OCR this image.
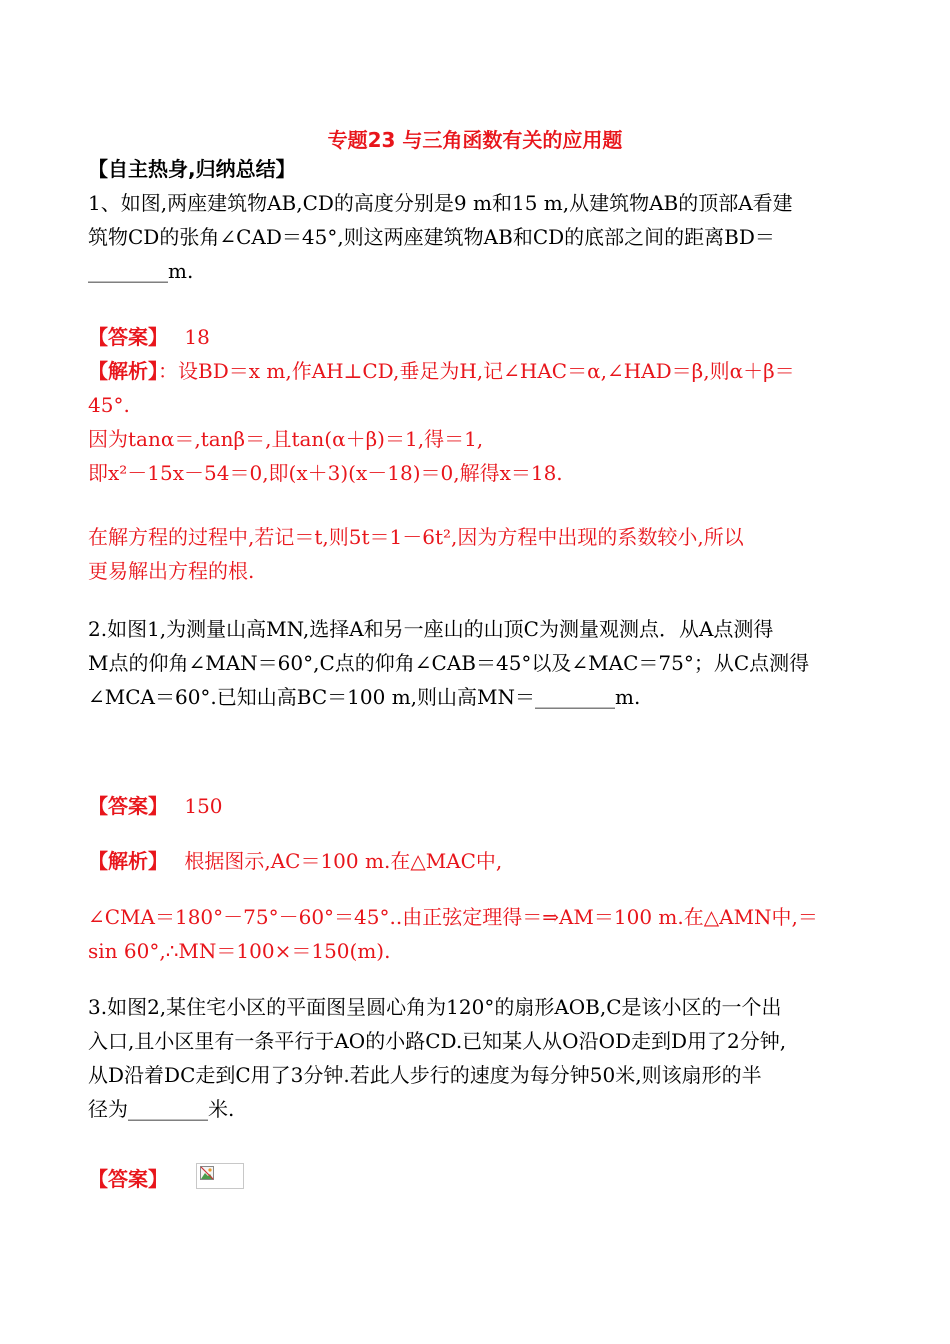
专题23 与三角函数有关的应用题
【自主热身,归纳总结】
1、如图,两座建筑物AB,CD的高度分别是9 m和15 m,从建筑物AB的顶部A看建
筑物CD的张角∠CAD＝45°,则这两座建筑物AB和CD的底部之间的距离BD＝
________m.
【答案】 18
【解析】：设BD＝x m,作AH⊥CD,垂足为H,记∠HAC＝α,∠HAD＝β,则α＋β＝
45°.
因为tanα＝,tanβ＝,且tan(α＋β)＝1,得＝1,
即x²－15x－54＝0,即(x＋3)(x－18)＝0,解得x＝18.
在解方程的过程中,若记＝t,则5t＝1－6t²,因为方程中出现的系数较小,所以
更易解出方程的根.
2.如图1,为测量山高MN,选择A和另一座山的山顶C为测量观测点．从A点测得
M点的仰角∠MAN＝60°,C点的仰角∠CAB＝45°以及∠MAC＝75°；从C点测得
∠MCA＝60°.已知山高BC＝100 m,则山高MN＝________m.
【答案】 150
【解析】 根据图示,AC＝100 m.在△MAC中,
∠CMA＝180°－75°－60°＝45°..由正弦定理得＝⇒AM＝100 m.在△AMN中,＝
sin 60°,∴MN＝100×＝150(m).
3.如图2,某住宅小区的平面图呈圆心角为120°的扇形AOB,C是该小区的一个出
入口,且小区里有一条平行于AO的小路CD.已知某人从O沿OD走到D用了2分钟,
从D沿着DC走到C用了3分钟.若此人步行的速度为每分钟50米,则该扇形的半
径为________米.
【答案】
